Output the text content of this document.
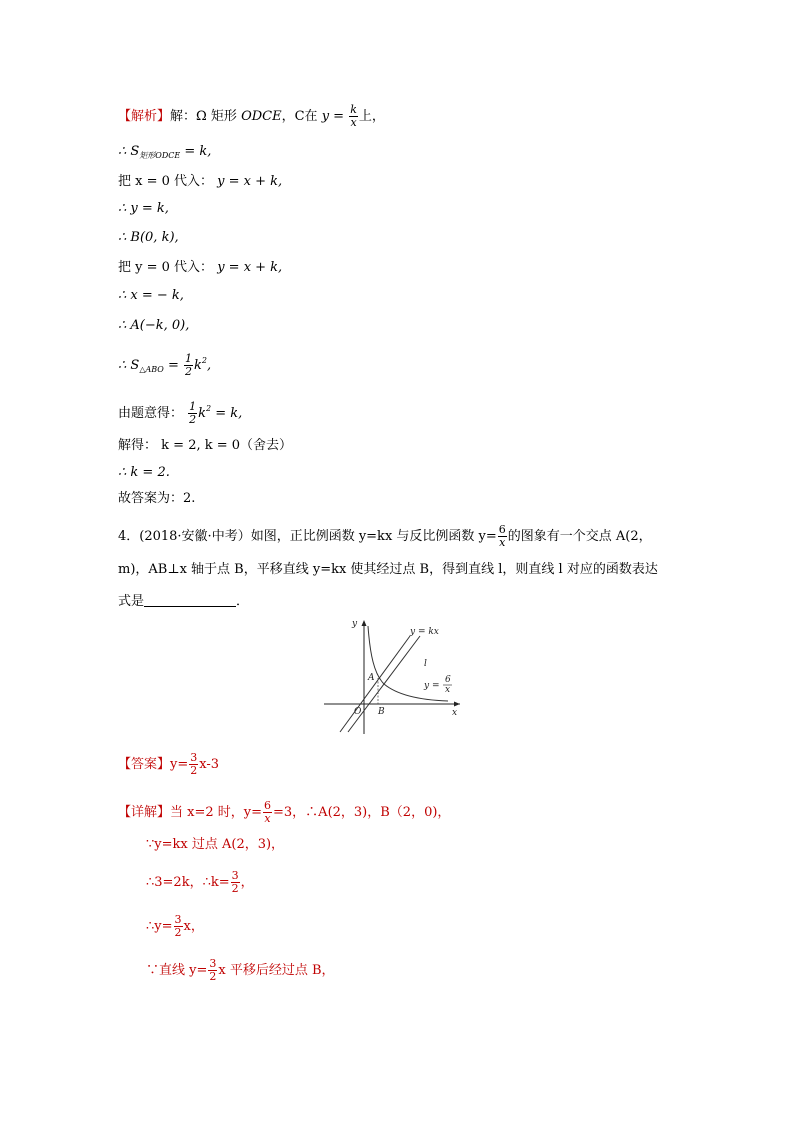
【解析】解：Ω 矩形 ODCE，C在 $y = \frac{k}{x}$ 上，
∴ $S_{矩形ODCE} = k$,
把 x = 0 代入： y = x + k,
∴ y = k,
∴ B(0, k),
把 y = 0 代入： y = x + k,
∴ x = − k,
∴ A(−k, 0),
∴ $S_{\triangle ABO} = \frac{1}{2} k^2$,
由题意得： $\frac{1}{2} k^2 = k$,
解得： k = 2, k = 0（舍去）
∴ k = 2.
故答案为：2.
4．(2018·安徽·中考）如图，正比例函数 y=kx 与反比例函数 $y= \frac{6}{x}$ 的图象有一个交点 A(2，
m)，AB⊥x 轴于点 B，平移直线 y=kx 使其经过点 B，得到直线 l，则直线 l 对应的函数表达
式是	．
y
x
y = kx
l
y =
6
x
A
O B
【答案】$y= \frac{3}{2} x-3$
【详解】当 x=2 时，$y= \frac{6}{x} =3$，∴A(2，3)，B（2，0)，
∵y=kx 过点 A(2，3)，
∴3=2k，∴k= $\frac{3}{2}$ ，
∴y= $\frac{3}{2}$ x，
∵直线 $y= \frac{3}{2}$ x 平移后经过点 B，
